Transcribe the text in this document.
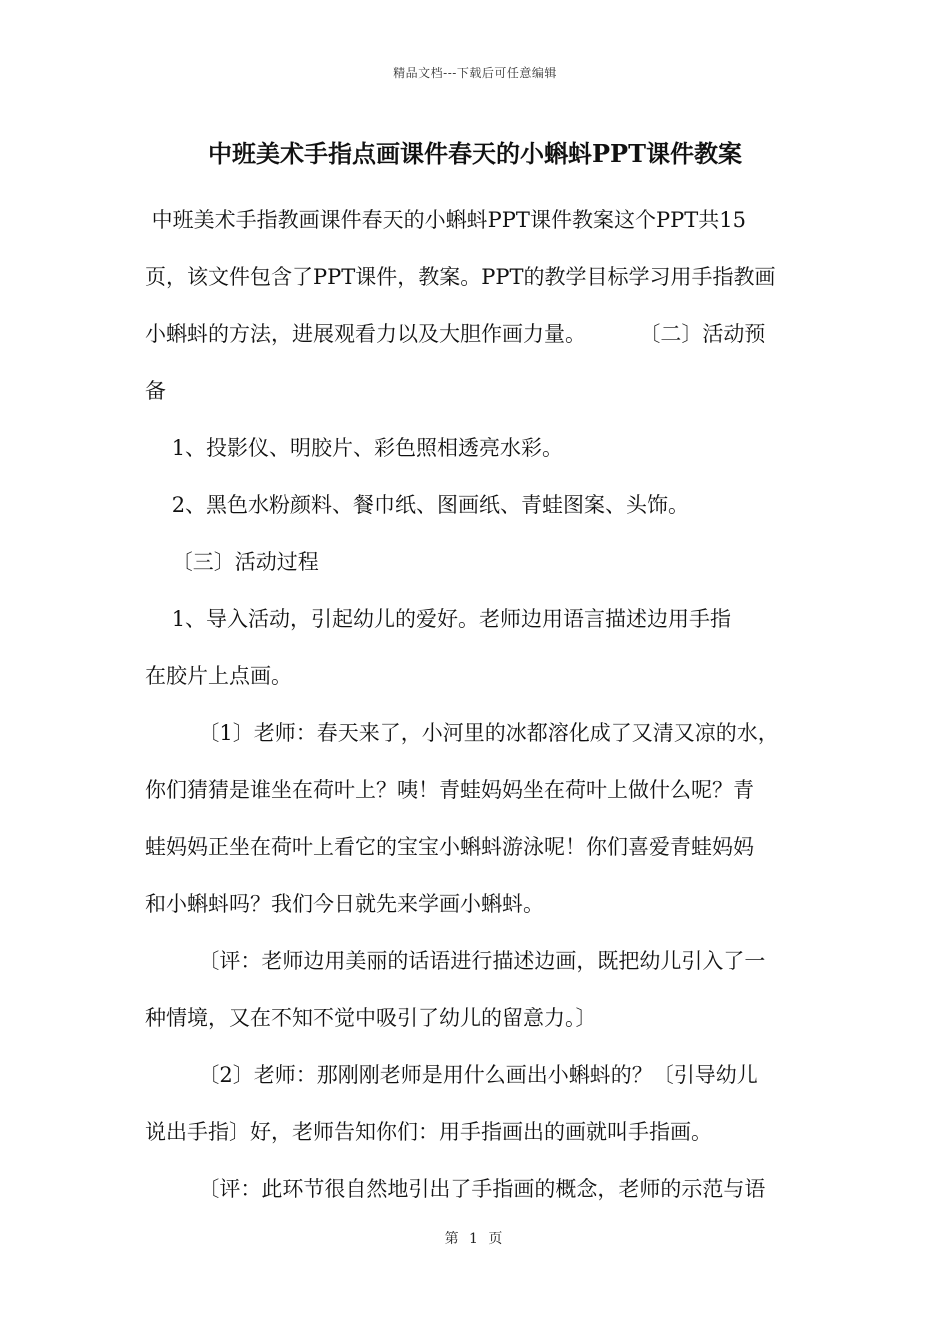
精品文档---下载后可任意编辑
中班美术手指点画课件春天的小蝌蚪PPT课件教案
中班美术手指教画课件春天的小蝌蚪PPT课件教案这个PPT共15
页，该文件包含了PPT课件，教案。PPT的教学目标学习用手指教画
小蝌蚪的方法，进展观看力以及大胆作画力量。        〔二〕活动预
备
1、投影仪、明胶片、彩色照相透亮水彩。
2、黑色水粉颜料、餐巾纸、图画纸、青蛙图案、头饰。
〔三〕活动过程
1、导入活动，引起幼儿的爱好。老师边用语言描述边用手指
在胶片上点画。
〔1〕老师：春天来了，小河里的冰都溶化成了又清又凉的水，
你们猜猜是谁坐在荷叶上？咦！青蛙妈妈坐在荷叶上做什么呢？青
蛙妈妈正坐在荷叶上看它的宝宝小蝌蚪游泳呢！你们喜爱青蛙妈妈
和小蝌蚪吗？我们今日就先来学画小蝌蚪。
〔评：老师边用美丽的话语进行描述边画，既把幼儿引入了一
种情境，又在不知不觉中吸引了幼儿的留意力。〕
〔2〕老师：那刚刚老师是用什么画出小蝌蚪的？〔引导幼儿
说出手指〕好，老师告知你们：用手指画出的画就叫手指画。
〔评：此环节很自然地引出了手指画的概念，老师的示范与语
第 1 页
